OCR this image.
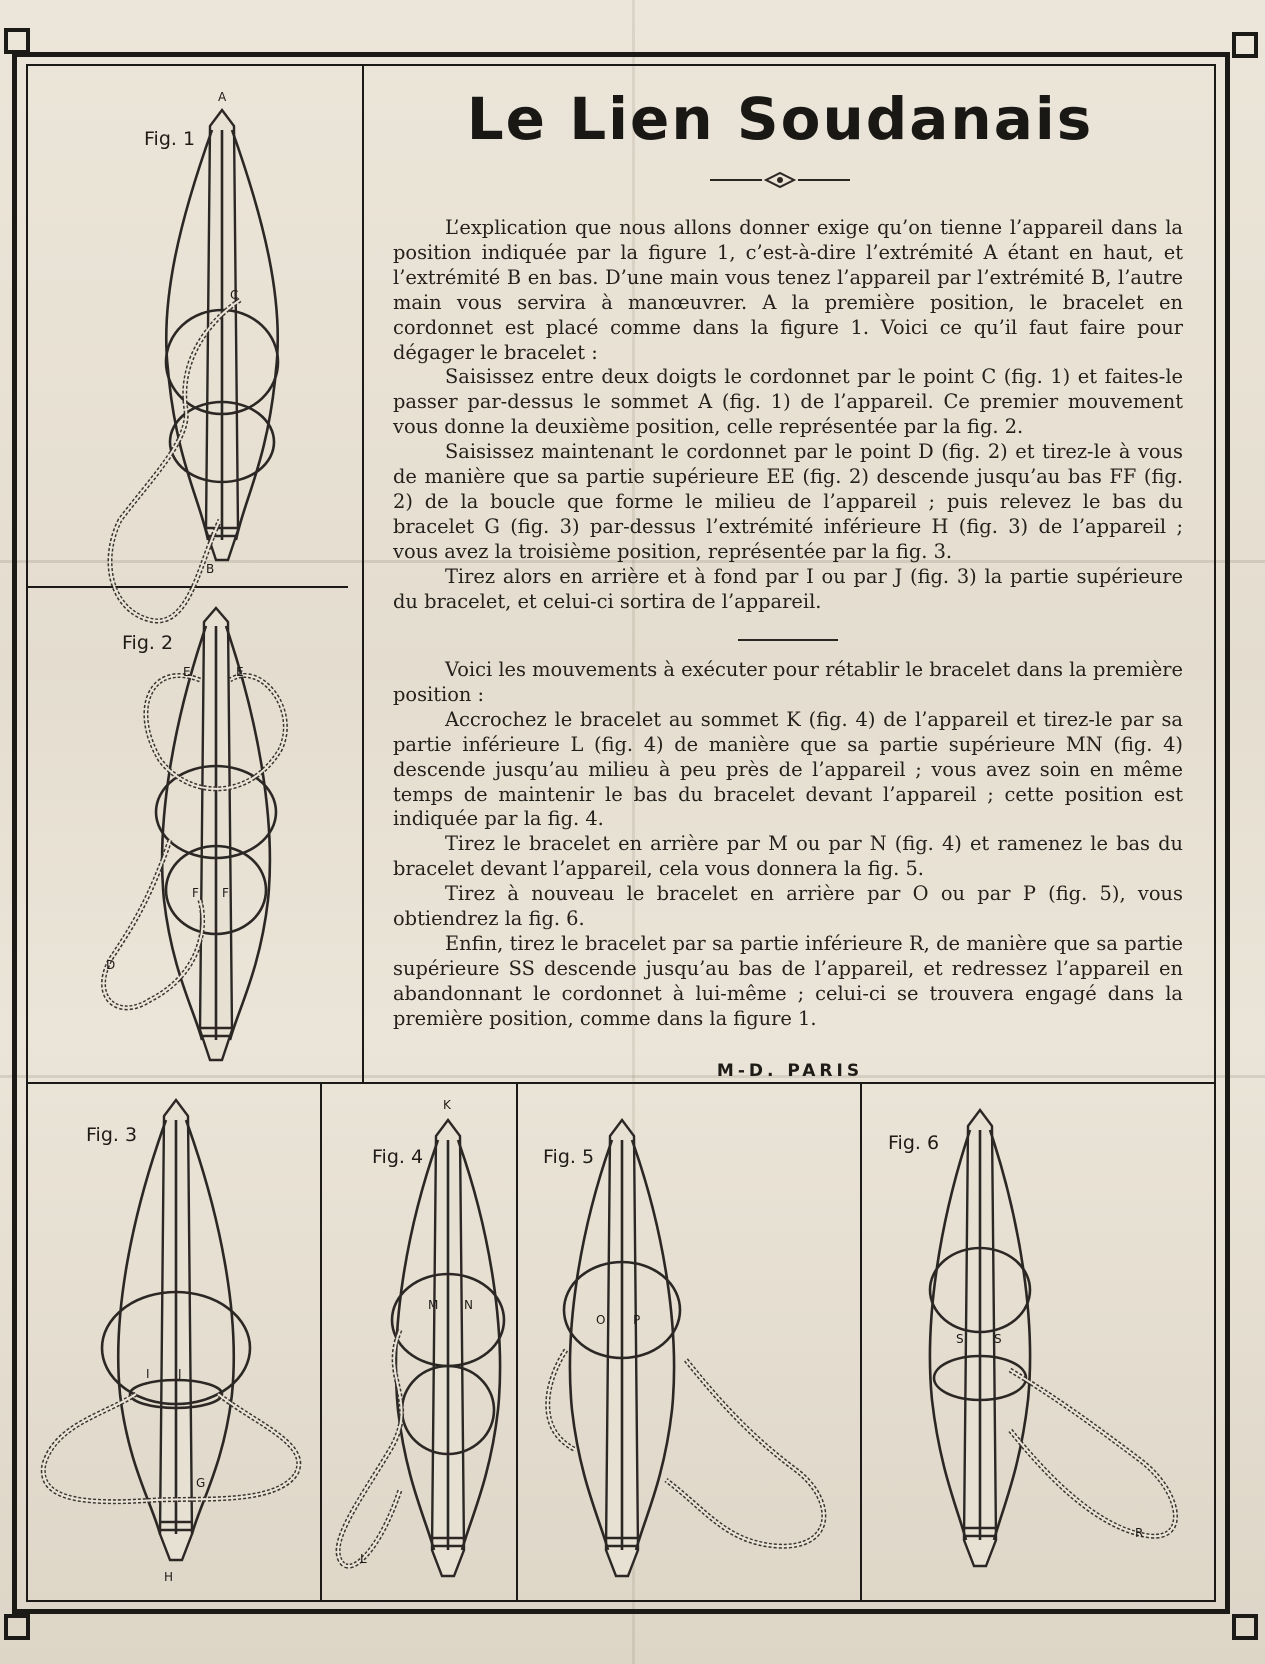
Le Lien Soudanais

L’explication que nous allons donner exige qu’on tienne l’appareil dans la position indiquée par la figure 1, c’est-à-dire l’extrémité A étant en haut, et l’extrémité B en bas. D’une main vous tenez l’appareil par l’extrémité B, l’autre main vous servira à manœuvrer. A la première position, le bracelet en cordonnet est placé comme dans la figure 1. Voici ce qu’il faut faire pour dégager le bracelet :

Saisissez entre deux doigts le cordonnet par le point C (fig. 1) et faites-le passer par-dessus le sommet A (fig. 1) de l’appareil. Ce premier mouvement vous donne la deuxième position, celle représentée par la fig. 2.

Saisissez maintenant le cordonnet par le point D (fig. 2) et tirez-le à vous de manière que sa partie supérieure EE (fig. 2) descende jusqu’au bas FF (fig. 2) de la boucle que forme le milieu de l’appareil ; puis relevez le bas du bracelet G (fig. 3) par-dessus l’extrémité inférieure H (fig. 3) de l’appareil ; vous avez la troisième position, représentée par la fig. 3.

Tirez alors en arrière et à fond par I ou par J (fig. 3) la partie supérieure du bracelet, et celui-ci sortira de l’appareil.

Voici les mouvements à exécuter pour rétablir le bracelet dans la première position :

Accrochez le bracelet au sommet K (fig. 4) de l’appareil et tirez-le par sa partie inférieure L (fig. 4) de manière que sa partie supérieure MN (fig. 4) descende jusqu’au milieu à peu près de l’appareil ; vous avez soin en même temps de maintenir le bas du bracelet devant l’appareil ; cette position est indiquée par la fig. 4.

Tirez le bracelet en arrière par M ou par N (fig. 4) et ramenez le bas du bracelet devant l’appareil, cela vous donnera la fig. 5.

Tirez à nouveau le bracelet en arrière par O ou par P (fig. 5), vous obtiendrez la fig. 6.

Enfin, tirez le bracelet par sa partie inférieure R, de manière que sa partie supérieure SS descende jusqu’au bas de l’appareil, et redressez l’appareil en abandonnant le cordonnet à lui-même ; celui-ci se trouvera engagé dans la première position, comme dans la figure 1.

M-D. PARIS
Fig. 1
A
B
C
Fig. 2
E	E
F F
D
Fig. 3
I J
G
H
Fig. 4
K
M N
L
Fig. 5
O P
Fig. 6
S	S
R
